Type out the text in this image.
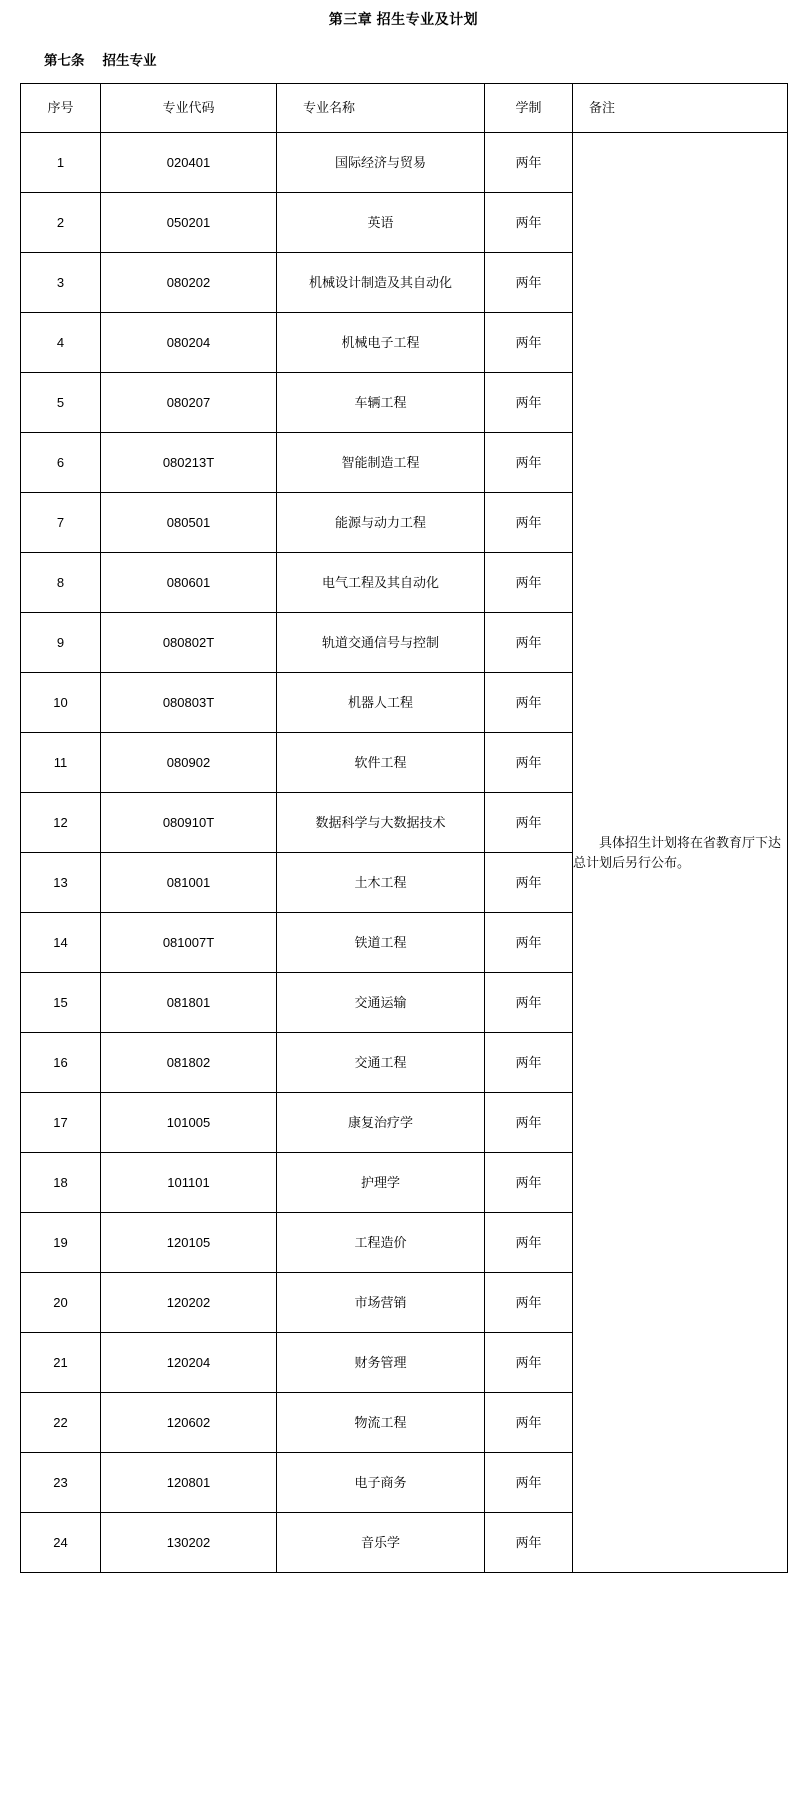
第三章 招生专业及计划
第七条 招生专业
序号	专业代码	专业名称	学制	备注
1	020401	国际经济与贸易	两年	具体招生计划将在省教育厅下达总计划后另行公布。

2	050201	英语	两年	
3	080202	机械设计制造及其自动化	两年	
4	080204	机械电子工程	两年	
5	080207	车辆工程	两年	
6	080213T	智能制造工程	两年	
7	080501	能源与动力工程	两年	
8	080601	电气工程及其自动化	两年	
9	080802T	轨道交通信号与控制	两年	
10	080803T	机器人工程	两年	
11	080902	软件工程	两年	
12	080910T	数据科学与大数据技术	两年	
13	081001	土木工程	两年	
14	081007T	铁道工程	两年	
15	081801	交通运输	两年	
16	081802	交通工程	两年	
17	101005	康复治疗学	两年	
18	101101	护理学	两年	
19	120105	工程造价	两年	
20	120202	市场营销	两年	
21	120204	财务管理	两年	
22	120602	物流工程	两年	
23	120801	电子商务	两年	
24	130202	音乐学	两年	
